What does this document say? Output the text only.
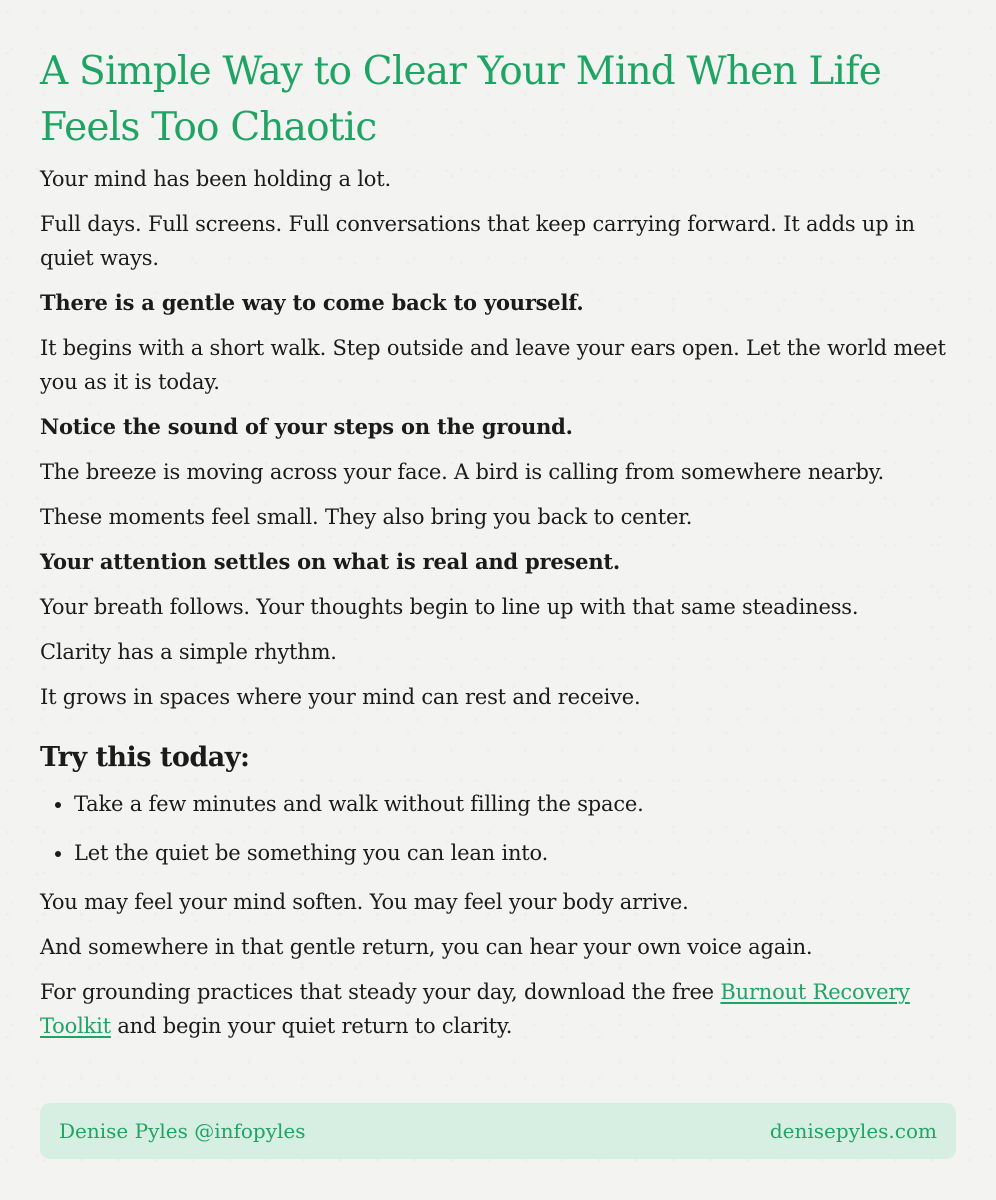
A Simple Way to Clear Your Mind When Life Feels Too Chaotic

Your mind has been holding a lot.

Full days. Full screens. Full conversations that keep carrying forward. It adds up in quiet ways.

There is a gentle way to come back to yourself.

It begins with a short walk. Step outside and leave your ears open. Let the world meet you as it is today.

Notice the sound of your steps on the ground.

The breeze is moving across your face. A bird is calling from somewhere nearby.

These moments feel small. They also bring you back to center.

Your attention settles on what is real and present.

Your breath follows. Your thoughts begin to line up with that same steadiness.

Clarity has a simple rhythm.

It grows in spaces where your mind can rest and receive.

Try this today:
• Take a few minutes and walk without filling the space.
• Let the quiet be something you can lean into.

You may feel your mind soften. You may feel your body arrive.

And somewhere in that gentle return, you can hear your own voice again.

For grounding practices that steady your day, download the free Burnout Recovery Toolkit and begin your quiet return to clarity.

Denise Pyles @infopyles	denisepyles.com
